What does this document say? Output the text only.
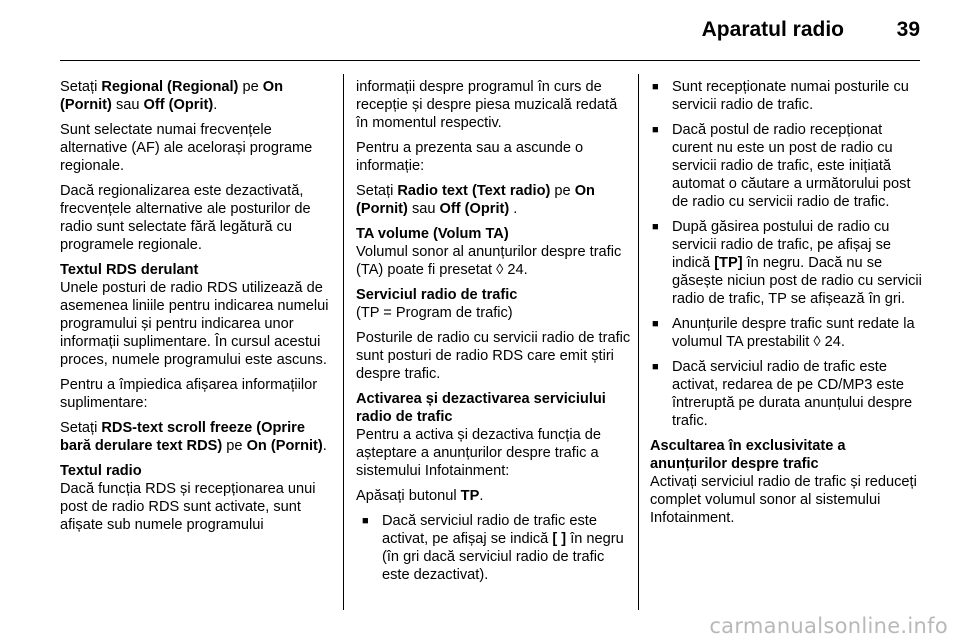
Aparatul radio	39

Setați Regional (Regional) pe On (Pornit) sau Off (Oprit).

Sunt selectate numai frecvențele alternative (AF) ale acelorași programe regionale.

Dacă regionalizarea este dezactivată, frecvențele alternative ale posturilor de radio sunt selectate fără legătură cu programele regionale.

Textul RDS derulant

Unele posturi de radio RDS utilizează de asemenea liniile pentru indicarea numelui programului și pentru indicarea unor informații suplimentare. În cursul acestui proces, numele programului este ascuns.

Pentru a împiedica afișarea informațiilor suplimentare:

Setați RDS-text scroll freeze (Oprire bară derulare text RDS) pe On (Pornit).

Textul radio

Dacă funcția RDS și recepționarea unui post de radio RDS sunt activate, sunt afișate sub numele programului

informații despre programul în curs de recepție și despre piesa muzicală redată în momentul respectiv.

Pentru a prezenta sau a ascunde o informație:

Setați Radio text (Text radio) pe On (Pornit) sau Off (Oprit) .

TA volume (Volum TA)

Volumul sonor al anunțurilor despre trafic (TA) poate fi presetat ◊ 24.

Serviciul radio de trafic

(TP = Program de trafic)

Posturile de radio cu servicii radio de trafic sunt posturi de radio RDS care emit știri despre trafic.

Activarea și dezactivarea serviciului radio de trafic

Pentru a activa și dezactiva funcția de așteptare a anunțurilor despre trafic a sistemului Infotainment:

Apăsați butonul TP.

■ Dacă serviciul radio de trafic este activat, pe afișaj se indică [ ] în negru (în gri dacă serviciul radio de trafic este dezactivat).
■ Sunt recepționate numai posturile cu servicii radio de trafic.
■ Dacă postul de radio recepționat curent nu este un post de radio cu servicii radio de trafic, este inițiată automat o căutare a următorului post de radio cu servicii radio de trafic.
■ După găsirea postului de radio cu servicii radio de trafic, pe afișaj se indică [TP] în negru. Dacă nu se găsește niciun post de radio cu servicii radio de trafic, TP se afișează în gri.
■ Anunțurile despre trafic sunt redate la volumul TA prestabilit ◊ 24.
■ Dacă serviciul radio de trafic este activat, redarea de pe CD/MP3 este întreruptă pe durata anunțului despre trafic.
Ascultarea în exclusivitate a anunțurilor despre trafic

Activați serviciul radio de trafic și reduceți complet volumul sonor al sistemului Infotainment.

carmanualsonline.info
